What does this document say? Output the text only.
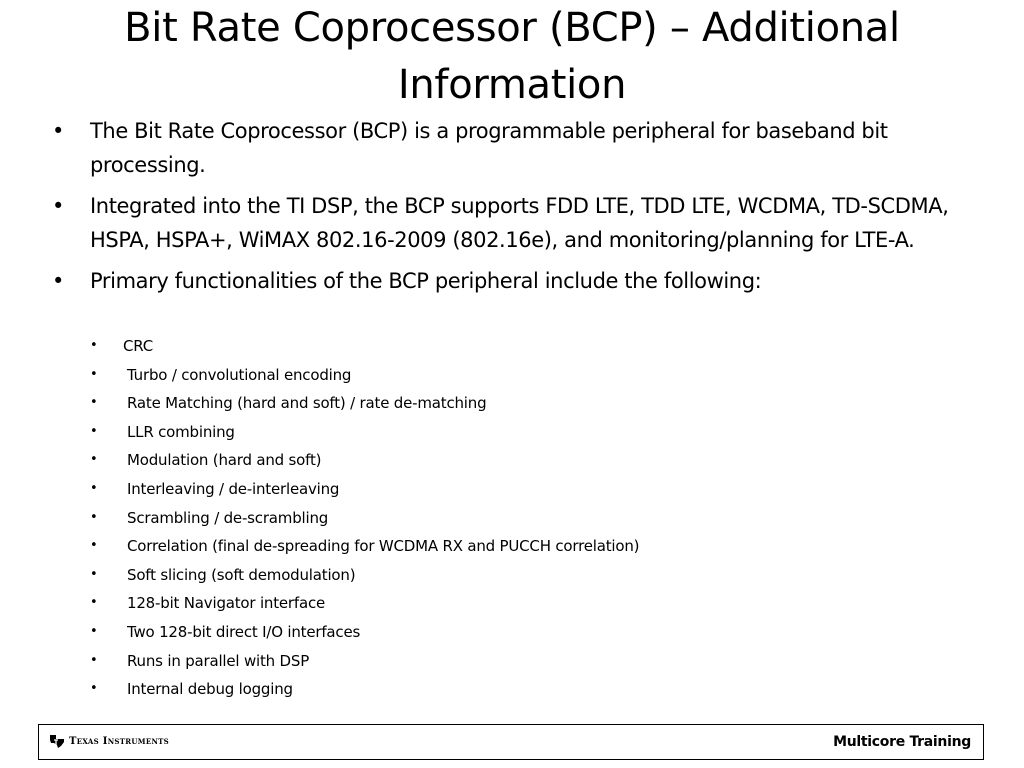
Bit Rate Coprocessor (BCP) – Additional Information
• The Bit Rate Coprocessor (BCP) is a programmable peripheral for baseband bit processing.
• Integrated into the TI DSP, the BCP supports FDD LTE, TDD LTE, WCDMA, TD-SCDMA, HSPA, HSPA+, WiMAX 802.16-2009 (802.16e), and monitoring/planning for LTE-A.
• Primary functionalities of the BCP peripheral include the following:
• CRC
• Turbo / convolutional encoding
• Rate Matching (hard and soft) / rate de-matching
• LLR combining
• Modulation (hard and soft)
• Interleaving / de-interleaving
• Scrambling / de-scrambling
• Correlation (final de-spreading for WCDMA RX and PUCCH correlation)
• Soft slicing (soft demodulation)
• 128-bit Navigator interface
• Two 128-bit direct I/O interfaces
• Runs in parallel with DSP
• Internal debug logging
Texas Instruments	Multicore Training
